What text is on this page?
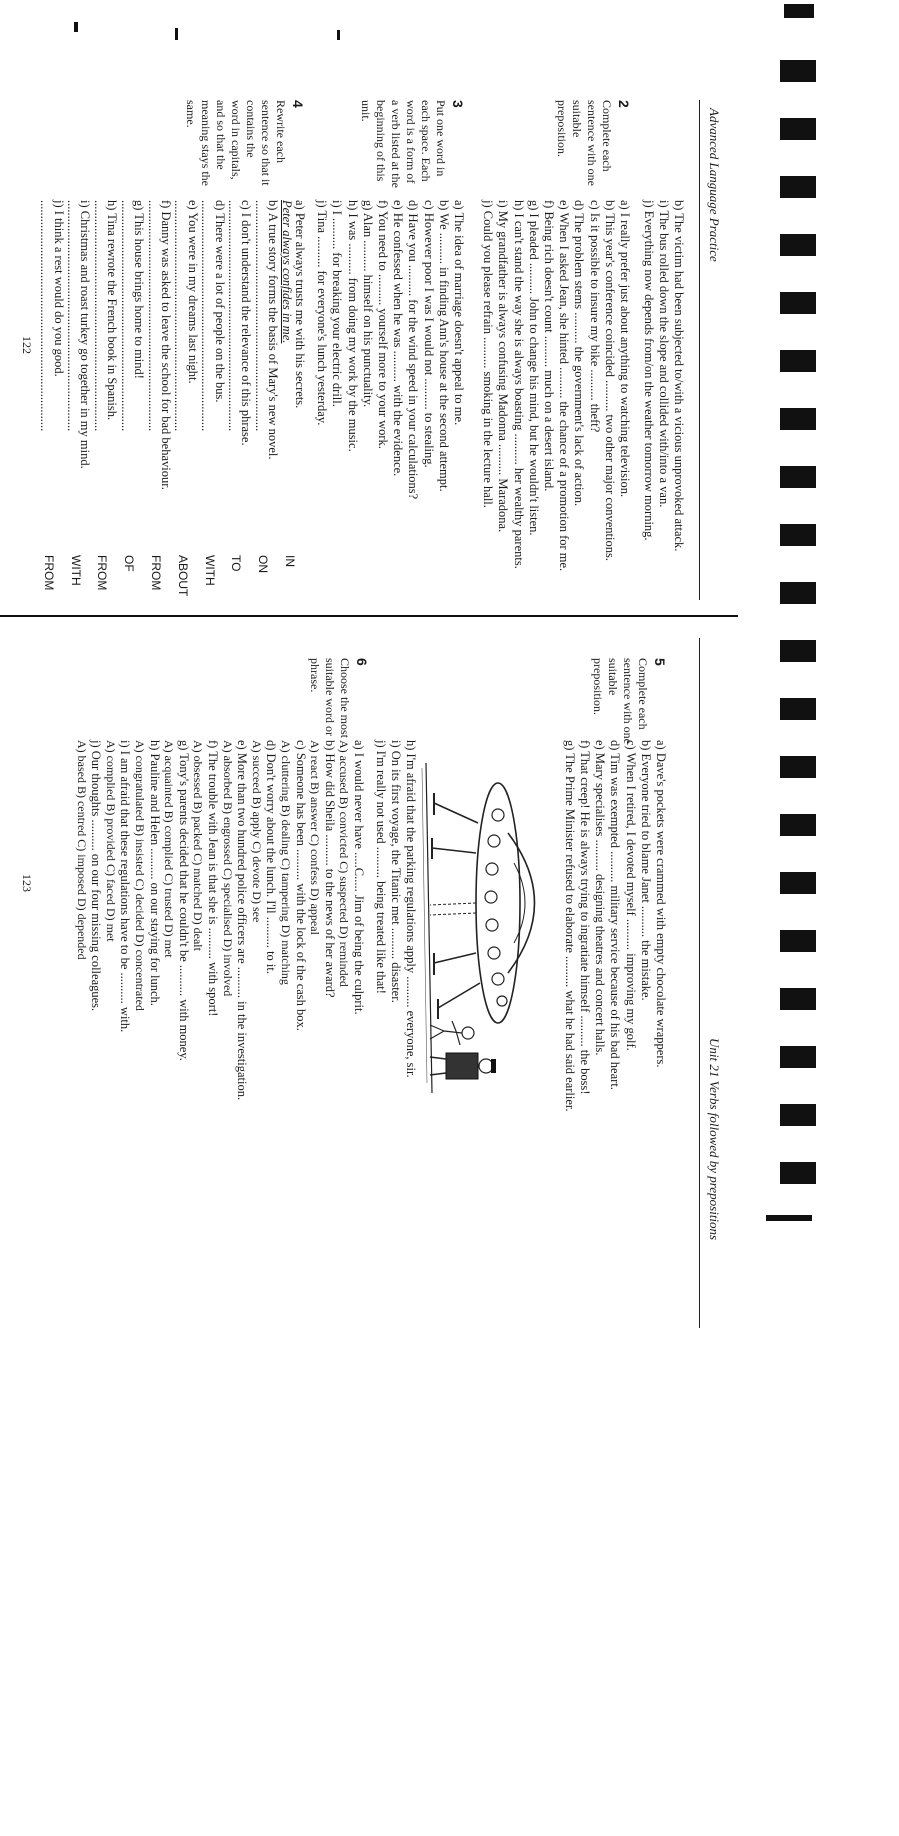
Advanced Language Practice
b) The victim had been subjected to/with a vicious unprovoked attack.
i) The bus rolled down the slope and collided with/into a van.
j) Everything now depends from/on the weather tomorrow morning.
2
Complete each
sentence with one
suitable
preposition.
a) I really prefer just about anything to watching television.
b) This year's conference coincided .......... two other major conventions.
c) Is it possible to insure my bike .......... theft?
d) The problem stems .......... the government's lack of action.
e) When I asked Jean, she hinted .......... the chance of a promotion for me.
f) Being rich doesn't count .......... much on a desert island.
g) I pleaded .......... John to change his mind, but he wouldn't listen.
h) I can't stand the way she is always boasting .......... her wealthy parents.
i) My grandfather is always confusing Madonna .......... Maradona.
j) Could you please refrain .......... smoking in the lecture hall.
3
Put one word in
each space. Each
word is a form of
a verb listed at the
beginning of this
unit.
a) The idea of marriage doesn't appeal to me.
b) We .......... in finding Ann's house at the second attempt.
c) However poor I was I would not .......... to stealing.
d) Have you .......... for the wind speed in your calculations?
e) He confessed when he was .......... with the evidence.
f) You need to .......... yourself more to your work.
g) Alan .......... himself on his punctuality.
h) I was .......... from doing my work by the music.
i) I .......... for breaking your electric drill.
j) Tina .......... for everyone's lunch yesterday.
4
Rewrite each
sentence so that it
contains the
word in capitals,
and so that the
meaning stays the
same.
a) Peter always trusts me with his secrets.
Peter always confides in me.
b) A true story forms the basis of Mary's new novel.
..........................................................................
c) I don't understand the relevance of this phrase.
..........................................................................
d) There were a lot of people on the bus.
..........................................................................
e) You were in my dreams last night.
..........................................................................
f) Danny was asked to leave the school for bad behaviour.
..........................................................................
g) This house brings home to mind!
..........................................................................
h) Tina rewrote the French book in Spanish.
..........................................................................
i) Christmas and roast turkey go together in my mind.
..........................................................................
j) I think a rest would do you good.
..........................................................................
IN
ON
TO
WITH
ABOUT
FROM
OF
FROM
WITH
FROM
122
Unit 21 Verbs followed by prepositions
5
Complete each
sentence with one
suitable
preposition.
a) Dave's pockets were crammed with empty chocolate wrappers.
b) Everyone tried to blame Janet .......... the mistake.
c) When I retired, I devoted myself .......... improving my golf.
d) Tim was exempted .......... military service because of his bad heart.
e) Mary specialises .......... designing theatres and concert halls.
f) That creep! He is always trying to ingratiate himself .......... the boss!
g) The Prime Minister refused to elaborate .......... what he had said earlier.
h) I'm afraid that the parking regulations apply .......... everyone, sir.
i) On its first voyage, the Titanic met .......... disaster.
j) I'm really not used .......... being treated like that!
6
Choose the most
suitable word or
phrase.
a) I would never have .....C..... Jim of being the culprit.
A) accused B) convicted C) suspected D) reminded
b) How did Sheila .......... to the news of her award?
A) react B) answer C) confess D) appeal
c) Someone has been .......... with the lock of the cash box.
A) cluttering B) dealing C) tampering D) matching
d) Don't worry about the lunch. I'll .......... to it.
A) succeed B) apply C) devote D) see
e) More than two hundred police officers are .......... in the investigation.
A) absorbed B) engrossed C) specialised D) involved
f) The trouble with Jean is that she is .......... with sport!
A) obsessed B) packed C) matched D) dealt
g) Tony's parents decided that he couldn't be .......... with money.
A) acquainted B) complied C) trusted D) met
h) Pauline and Helen .......... on our staying for lunch.
A) congratulated B) insisted C) decided D) concentrated
i) I am afraid that these regulations have to be .......... with.
A) complied B) provided C) faced D) met
j) Our thoughts .......... on our four missing colleagues.
A) based B) centred C) imposed D) depended
123
